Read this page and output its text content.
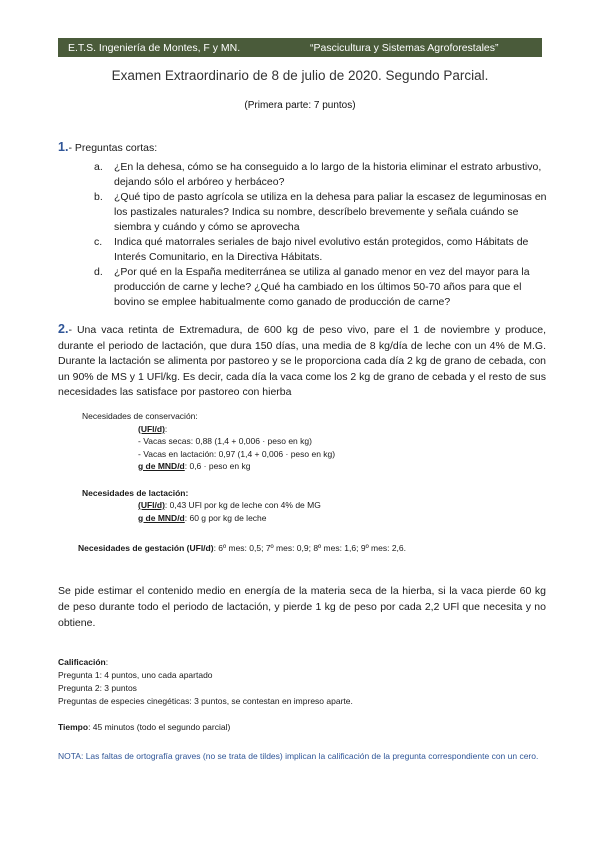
E.T.S. Ingeniería de Montes, F y MN.	“Pascicultura y Sistemas Agroforestales”
Examen Extraordinario de 8 de julio de 2020. Segundo Parcial.
(Primera parte: 7 puntos)
1.- Preguntas cortas:
a. ¿En la dehesa, cómo se ha conseguido a lo largo de la historia eliminar el estrato arbustivo, dejando sólo el arbóreo y herbáceo?
b. ¿Qué tipo de pasto agrícola se utiliza en la dehesa para paliar la escasez de leguminosas en los pastizales naturales? Indica su nombre, descríbelo brevemente y señala cuándo se siembra y cuándo y cómo se aprovecha
c. Indica qué matorrales seriales de bajo nivel evolutivo están protegidos, como Hábitats de Interés Comunitario, en la Directiva Hábitats.
d. ¿Por qué en la España mediterránea se utiliza al ganado menor en vez del mayor para la producción de carne y leche? ¿Qué ha cambiado en los últimos 50-70 años para que el bovino se emplee habitualmente como ganado de producción de carne?
2.- Una vaca retinta de Extremadura, de 600 kg de peso vivo, pare el 1 de noviembre y produce, durante el periodo de lactación, que dura 150 días, una media de 8 kg/día de leche con un 4% de M.G. Durante la lactación se alimenta por pastoreo y se le proporciona cada día 2 kg de grano de cebada, con un 90% de MS y 1 UFl/kg. Es decir, cada día la vaca come los 2 kg de grano de cebada y el resto de sus necesidades las satisface por pastoreo con hierba
Necesidades de conservación:
(UFl/d):
- Vacas secas: 0,88 (1,4 + 0,006 · peso en kg)
- Vacas en lactación: 0,97 (1,4 + 0,006 · peso en kg)
g de MND/d: 0,6 · peso en kg
Necesidades de lactación:
(UFl/d): 0,43 UFl por kg de leche con 4% de MG
g de MND/d: 60 g por kg de leche
Necesidades de gestación (UFl/d): 6º mes: 0,5; 7º mes: 0,9; 8º mes: 1,6; 9º mes: 2,6.
Se pide estimar el contenido medio en energía de la materia seca de la hierba, si la vaca pierde 60 kg de peso durante todo el periodo de lactación, y pierde 1 kg de peso por cada 2,2 UFl que necesita y no obtiene.
Calificación:
Pregunta 1: 4 puntos, uno cada apartado
Pregunta 2: 3 puntos
Preguntas de especies cinegéticas: 3 puntos, se contestan en impreso aparte.
Tiempo: 45 minutos (todo el segundo parcial)
NOTA: Las faltas de ortografía graves (no se trata de tildes) implican la calificación de la pregunta correspondiente con un cero.
